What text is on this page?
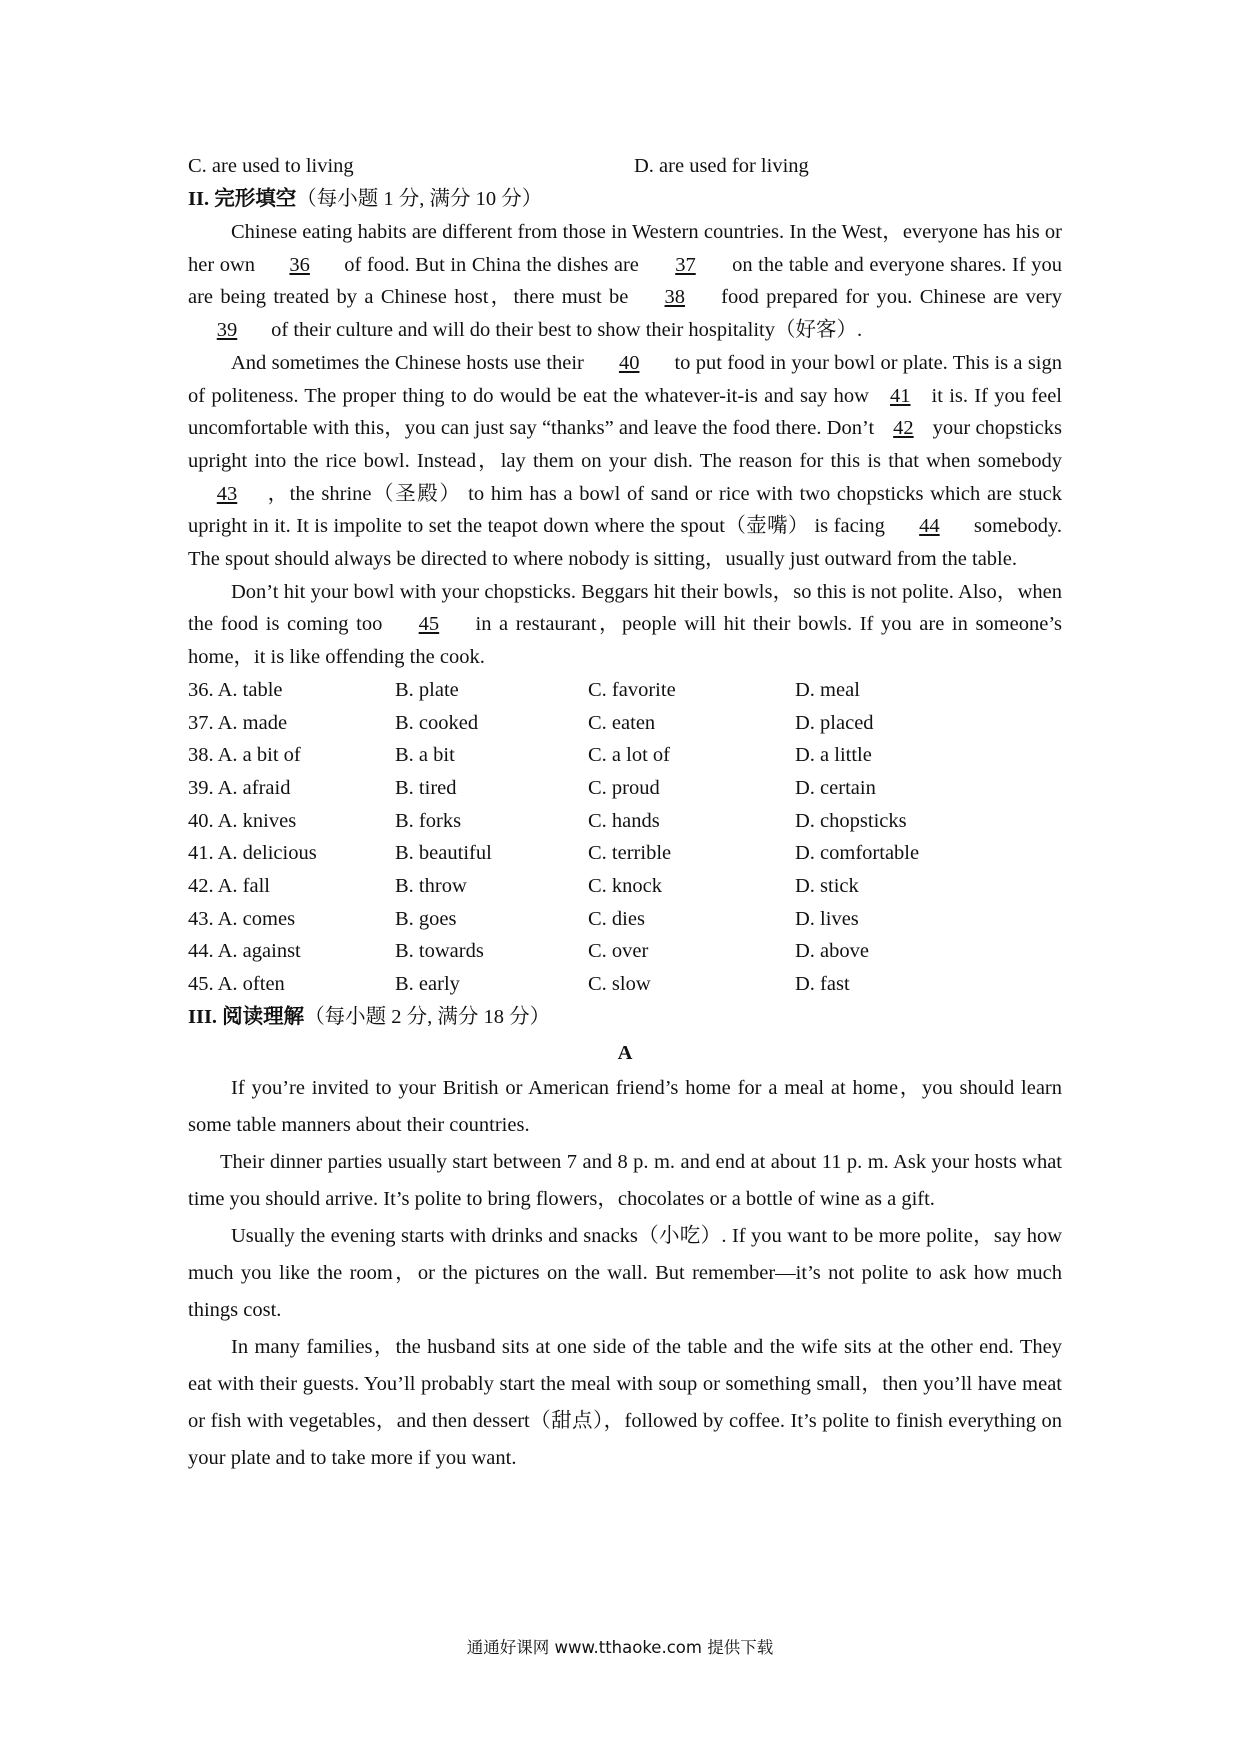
C. are used to living	D. are used for living
II. 完形填空（每小题 1 分, 满分 10 分）

Chinese eating habits are different from those in Western countries. In the West，everyone has his or her own 36 of food. But in China the dishes are 37 on the table and everyone shares. If you are being treated by a Chinese host，there must be 38 food prepared for you. Chinese are very 39 of their culture and will do their best to show their hospitality（好客）.

And sometimes the Chinese hosts use their 40 to put food in your bowl or plate. This is a sign of politeness. The proper thing to do would be eat the whatever-it-is and say how 41 it is. If you feel uncomfortable with this，you can just say “thanks” and leave the food there. Don’t 42 your chopsticks upright into the rice bowl. Instead，lay them on your dish. The reason for this is that when somebody 43 ，the shrine（圣殿） to him has a bowl of sand or rice with two chopsticks which are stuck upright in it. It is impolite to set the teapot down where the spout（壶嘴） is facing 44 somebody. The spout should always be directed to where nobody is sitting，usually just outward from the table.

Don’t hit your bowl with your chopsticks. Beggars hit their bowls，so this is not polite. Also，when the food is coming too 45 in a restaurant，people will hit their bowls. If you are in someone’s home，it is like offending the cook.

36. A. table	B. plate	C. favorite	D. meal
37. A. made	B. cooked	C. eaten	D. placed
38. A. a bit of	B. a bit	C. a lot of	D. a little
39. A. afraid	B. tired	C. proud	D. certain
40. A. knives	B. forks	C. hands	D. chopsticks
41. A. delicious	B. beautiful	C. terrible	D. comfortable
42. A. fall	B. throw	C. knock	D. stick
43. A. comes	B. goes	C. dies	D. lives
44. A. against	B. towards	C. over	D. above
45. A. often	B. early	C. slow	D. fast
III. 阅读理解（每小题 2 分, 满分 18 分）
A

If you’re invited to your British or American friend’s home for a meal at home，you should learn some table manners about their countries.

Their dinner parties usually start between 7 and 8 p. m. and end at about 11 p. m. Ask your hosts what time you should arrive. It’s polite to bring flowers，chocolates or a bottle of wine as a gift.

Usually the evening starts with drinks and snacks（小吃）. If you want to be more polite，say how much you like the room，or the pictures on the wall. But remember—it’s not polite to ask how much things cost.

In many families，the husband sits at one side of the table and the wife sits at the other end. They eat with their guests. You’ll probably start the meal with soup or something small，then you’ll have meat or fish with vegetables，and then dessert（甜点），followed by coffee. It’s polite to finish everything on your plate and to take more if you want.

通通好课网 www.tthaoke.com 提供下载
